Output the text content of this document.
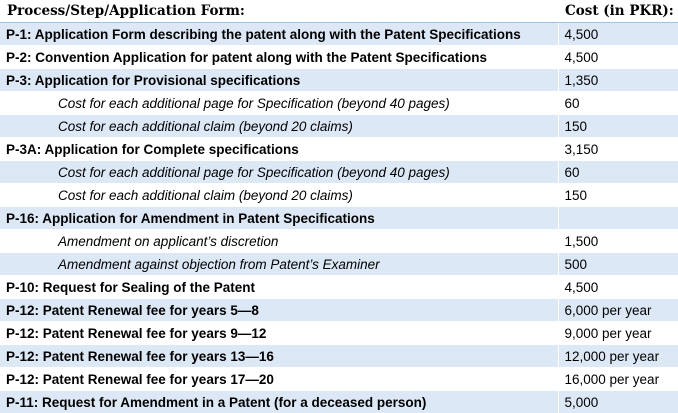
Process/Step/Application Form:	Cost (in PKR):
P-1: Application Form describing the patent along with the Patent Specifications	4,500
P-2: Convention Application for patent along with the Patent Specifications	4,500
P-3: Application for Provisional specifications	1,350
Cost for each additional page for Specification (beyond 40 pages)	60
Cost for each additional claim (beyond 20 claims)	150
P-3A: Application for Complete specifications	3,150
Cost for each additional page for Specification (beyond 40 pages)	60
Cost for each additional claim (beyond 20 claims)	150
P-16: Application for Amendment in Patent Specifications	
Amendment on applicant’s discretion	1,500
Amendment against objection from Patent’s Examiner	500
P-10: Request for Sealing of the Patent	4,500
P-12: Patent Renewal fee for years 5—8	6,000 per year
P-12: Patent Renewal fee for years 9—12	9,000 per year
P-12: Patent Renewal fee for years 13—16	12,000 per year
P-12: Patent Renewal fee for years 17—20	16,000 per year
P-11: Request for Amendment in a Patent (for a deceased person)	5,000
